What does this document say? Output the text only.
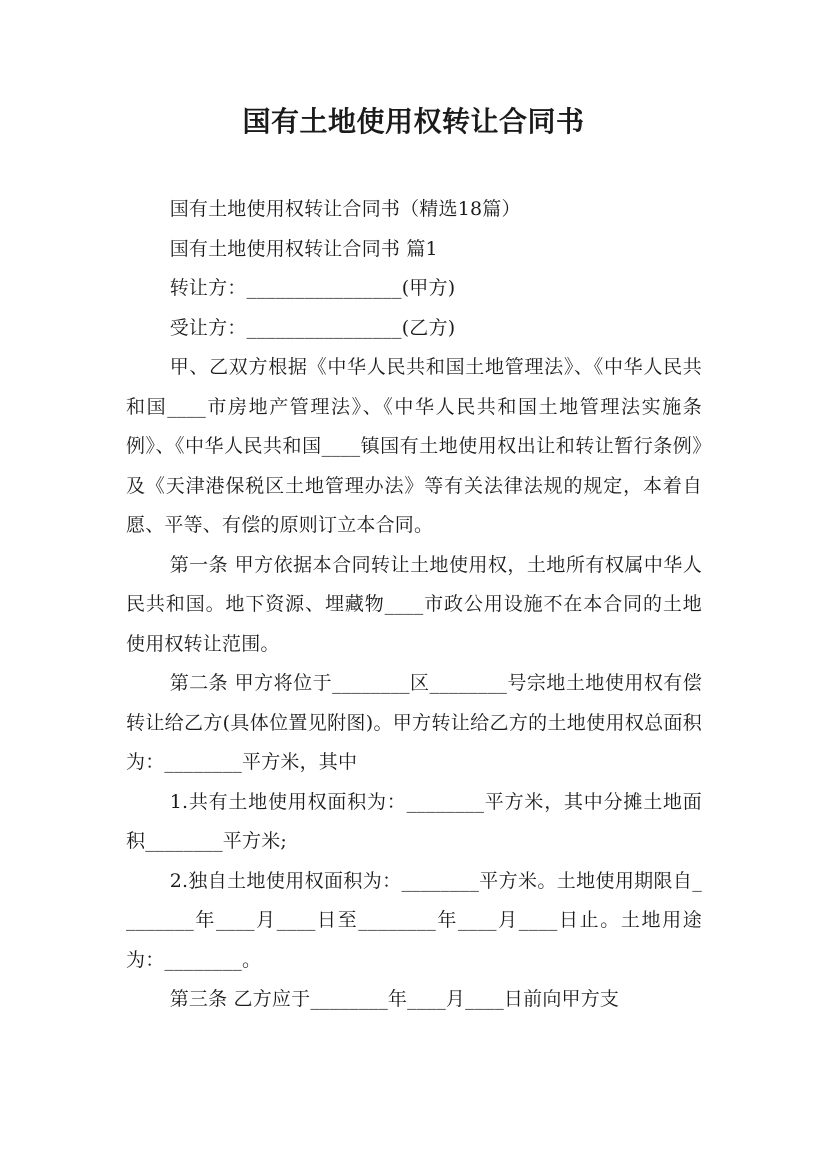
国有土地使用权转让合同书

国有土地使用权转让合同书（精选18篇）

国有土地使用权转让合同书 篇1

转让方：________________(甲方)

受让方：________________(乙方)

甲、乙双方根据《中华人民共和国土地管理法》、《中华人民共和国____市房地产管理法》、《中华人民共和国土地管理法实施条例》、《中华人民共和国____镇国有土地使用权出让和转让暂行条例》及《天津港保税区土地管理办法》等有关法律法规的规定，本着自愿、平等、有偿的原则订立本合同。

第一条 甲方依据本合同转让土地使用权，土地所有权属中华人民共和国。地下资源、埋藏物____市政公用设施不在本合同的土地使用权转让范围。

第二条 甲方将位于________区________号宗地土地使用权有偿转让给乙方(具体位置见附图)。甲方转让给乙方的土地使用权总面积为：________平方米，其中

1.共有土地使用权面积为：________平方米，其中分摊土地面积________平方米;

2.独自土地使用权面积为：________平方米。土地使用期限自________年____月____日至________年____月____日止。土地用途为：________。

第三条 乙方应于________年____月____日前向甲方支
